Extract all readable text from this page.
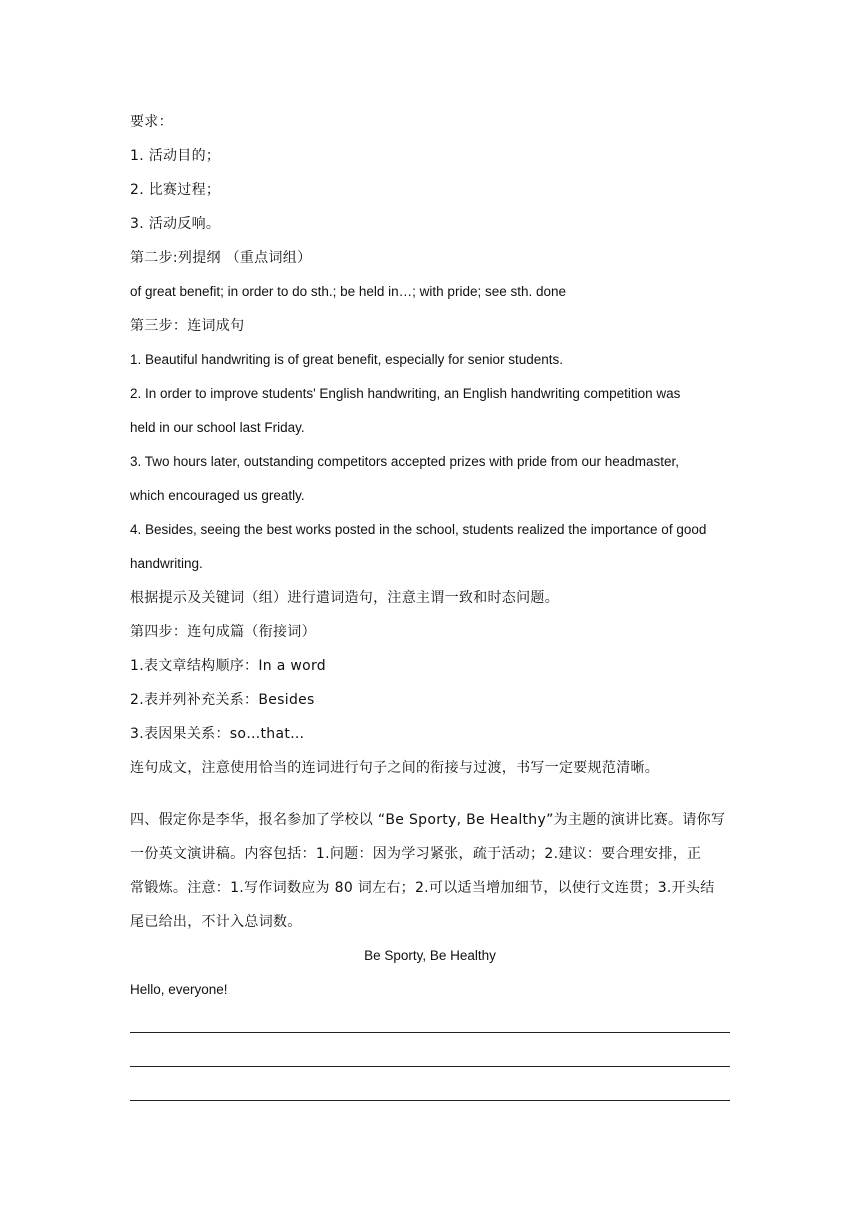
要求：
1. 活动目的；
2. 比赛过程；
3. 活动反响。
第二步:列提纲 （重点词组）
of great benefit; in order to do sth.; be held in…; with pride; see sth. done
第三步：连词成句
1. Beautiful handwriting is of great benefit, especially for senior students.
2. In order to improve students' English handwriting, an English handwriting competition was
held in our school last Friday.
3. Two hours later, outstanding competitors accepted prizes with pride from our headmaster,
which encouraged us greatly.
4. Besides, seeing the best works posted in the school, students realized the importance of good
handwriting.
根据提示及关键词（组）进行遣词造句，注意主谓一致和时态问题。
第四步：连句成篇（衔接词）
1.表文章结构顺序：In a word
2.表并列补充关系：Besides
3.表因果关系：so…that…
连句成文，注意使用恰当的连词进行句子之间的衔接与过渡，书写一定要规范清晰。
四、假定你是李华，报名参加了学校以 “Be Sporty, Be Healthy”为主题的演讲比赛。请你写
一份英文演讲稿。内容包括：1.问题：因为学习紧张，疏于活动；2.建议：要合理安排，正
常锻炼。注意：1.写作词数应为 80 词左右；2.可以适当增加细节，以使行文连贯；3.开头结
尾已给出，不计入总词数。
Be Sporty, Be Healthy
Hello, everyone!
